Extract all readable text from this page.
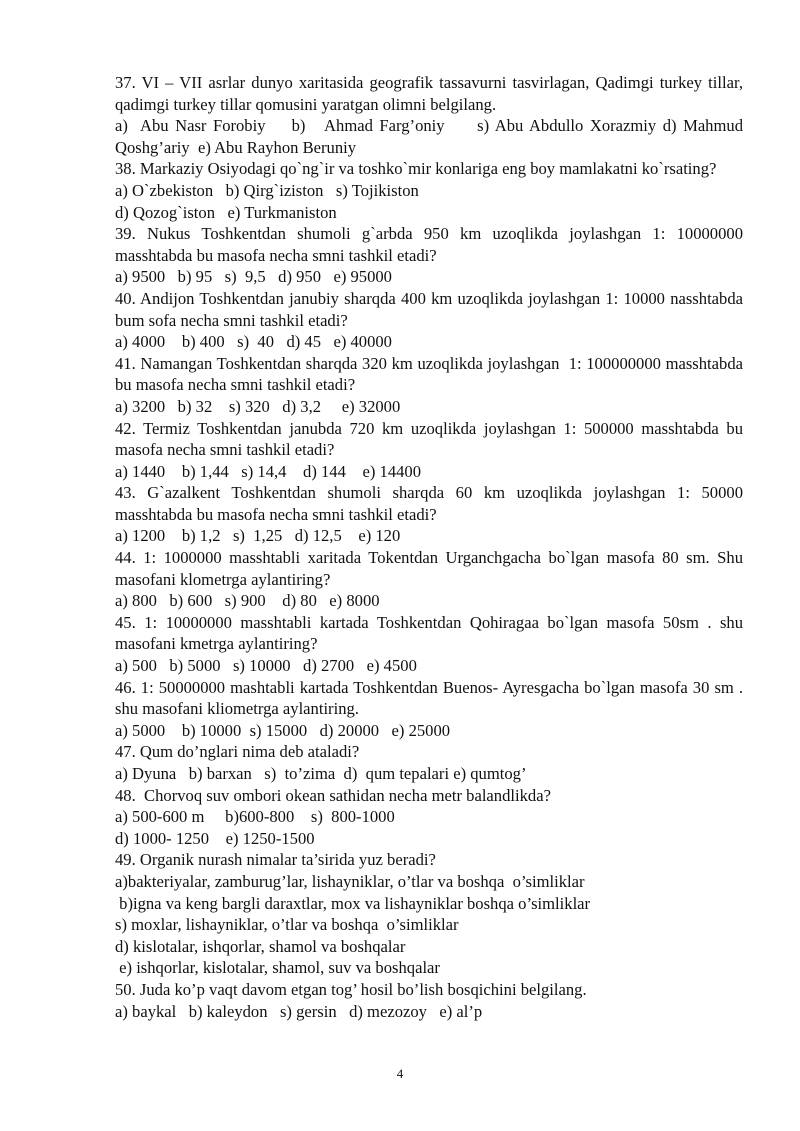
37. VI – VII asrlar dunyo xaritasida geografik tassavurni tasvirlagan, Qadimgi turkey tillar, qadimgi turkey tillar qomusini yaratgan olimni belgilang.

a)  Abu Nasr Forobiy    b)   Ahmad Farg’oniy     s) Abu Abdullo Xorazmiy d) Mahmud Qoshg’ariy  e) Abu Rayhon Beruniy

38. Markaziy Osiyodagi qo`ng`ir va toshko`mir konlariga eng boy mamlakatni ko`rsating?

a) O`zbekiston   b) Qirg`iziston   s) Tojikiston

d) Qozog`iston   e) Turkmaniston

39. Nukus Toshkentdan shumoli g`arbda 950 km uzoqlikda joylashgan 1: 10000000 masshtabda bu masofa necha smni tashkil etadi?

a) 9500   b) 95   s)  9,5   d) 950   e) 95000

40. Andijon Toshkentdan janubiy sharqda 400 km uzoqlikda joylashgan 1: 10000 nasshtabda bum sofa necha smni tashkil etadi?

a) 4000    b) 400   s)  40   d) 45   e) 40000

41. Namangan Toshkentdan sharqda 320 km uzoqlikda joylashgan  1: 100000000 masshtabda bu masofa necha smni tashkil etadi?

a) 3200   b) 32    s) 320   d) 3,2     e) 32000

42. Termiz Toshkentdan janubda 720 km uzoqlikda joylashgan 1: 500000 masshtabda bu masofa necha smni tashkil etadi?

a) 1440    b) 1,44   s) 14,4    d) 144    e) 14400

43. G`azalkent Toshkentdan shumoli sharqda 60 km uzoqlikda joylashgan 1: 50000 masshtabda bu masofa necha smni tashkil etadi?

a) 1200    b) 1,2   s)  1,25   d) 12,5    e) 120

44. 1: 1000000 masshtabli xaritada Tokentdan Urganchgacha bo`lgan masofa 80 sm. Shu masofani klometrga aylantiring?

a) 800   b) 600   s) 900    d) 80   e) 8000

45. 1: 10000000 masshtabli kartada Toshkentdan Qohiragaa bo`lgan masofa 50sm . shu masofani kmetrga aylantiring?

a) 500   b) 5000   s) 10000   d) 2700   e) 4500

46. 1: 50000000 mashtabli kartada Toshkentdan Buenos- Ayresgacha bo`lgan masofa 30 sm . shu masofani kliometrga aylantiring.

a) 5000    b) 10000  s) 15000   d) 20000   e) 25000

47. Qum do’nglari nima deb ataladi?

a) Dyuna   b) barxan   s)  to’zima  d)  qum tepalari e) qumtog’

48.  Chorvoq suv ombori okean sathidan necha metr balandlikda?

a) 500-600 m     b)600-800    s)  800-1000

d) 1000- 1250    e) 1250-1500

49. Organik nurash nimalar ta’sirida yuz beradi?

a)bakteriyalar, zamburug’lar, lishayniklar, o’tlar va boshqa  o’simliklar

b)igna va keng bargli daraxtlar, mox va lishayniklar boshqa o’simliklar

s) moxlar, lishayniklar, o’tlar va boshqa  o’simliklar

d) kislotalar, ishqorlar, shamol va boshqalar

e) ishqorlar, kislotalar, shamol, suv va boshqalar

50. Juda ko’p vaqt davom etgan tog’ hosil bo’lish bosqichini belgilang.

a) baykal   b) kaleydon   s) gersin   d) mezozoy   e) al’p

4
